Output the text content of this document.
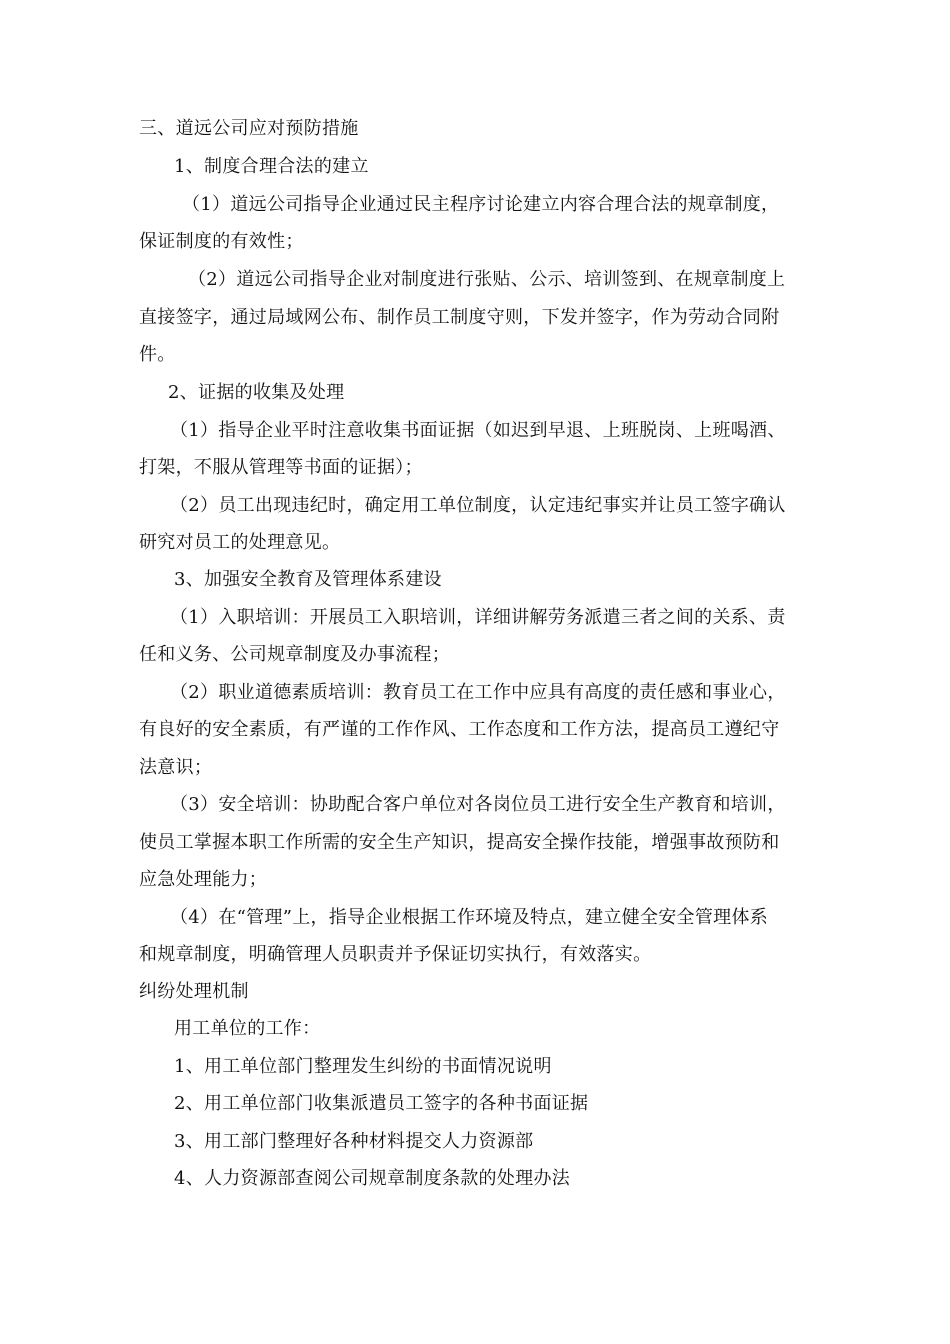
三、道远公司应对预防措施
1、制度合理合法的建立
（1）道远公司指导企业通过民主程序讨论建立内容合理合法的规章制度，
保证制度的有效性；
（2）道远公司指导企业对制度进行张贴、公示、培训签到、在规章制度上
直接签字，通过局域网公布、制作员工制度守则，下发并签字，作为劳动合同附
件。
2、证据的收集及处理
（1）指导企业平时注意收集书面证据（如迟到早退、上班脱岗、上班喝酒、
打架，不服从管理等书面的证据）；
（2）员工出现违纪时，确定用工单位制度，认定违纪事实并让员工签字确认
研究对员工的处理意见。
3、加强安全教育及管理体系建设
（1）入职培训：开展员工入职培训，详细讲解劳务派遣三者之间的关系、责
任和义务、公司规章制度及办事流程；
（2）职业道德素质培训：教育员工在工作中应具有高度的责任感和事业心，
有良好的安全素质，有严谨的工作作风、工作态度和工作方法，提高员工遵纪守
法意识；
（3）安全培训：协助配合客户单位对各岗位员工进行安全生产教育和培训，
使员工掌握本职工作所需的安全生产知识，提高安全操作技能，增强事故预防和
应急处理能力；
（4）在“管理”上，指导企业根据工作环境及特点，建立健全安全管理体系
和规章制度，明确管理人员职责并予保证切实执行，有效落实。
纠纷处理机制
用工单位的工作：
1、用工单位部门整理发生纠纷的书面情况说明
2、用工单位部门收集派遣员工签字的各种书面证据
3、用工部门整理好各种材料提交人力资源部
4、人力资源部查阅公司规章制度条款的处理办法
